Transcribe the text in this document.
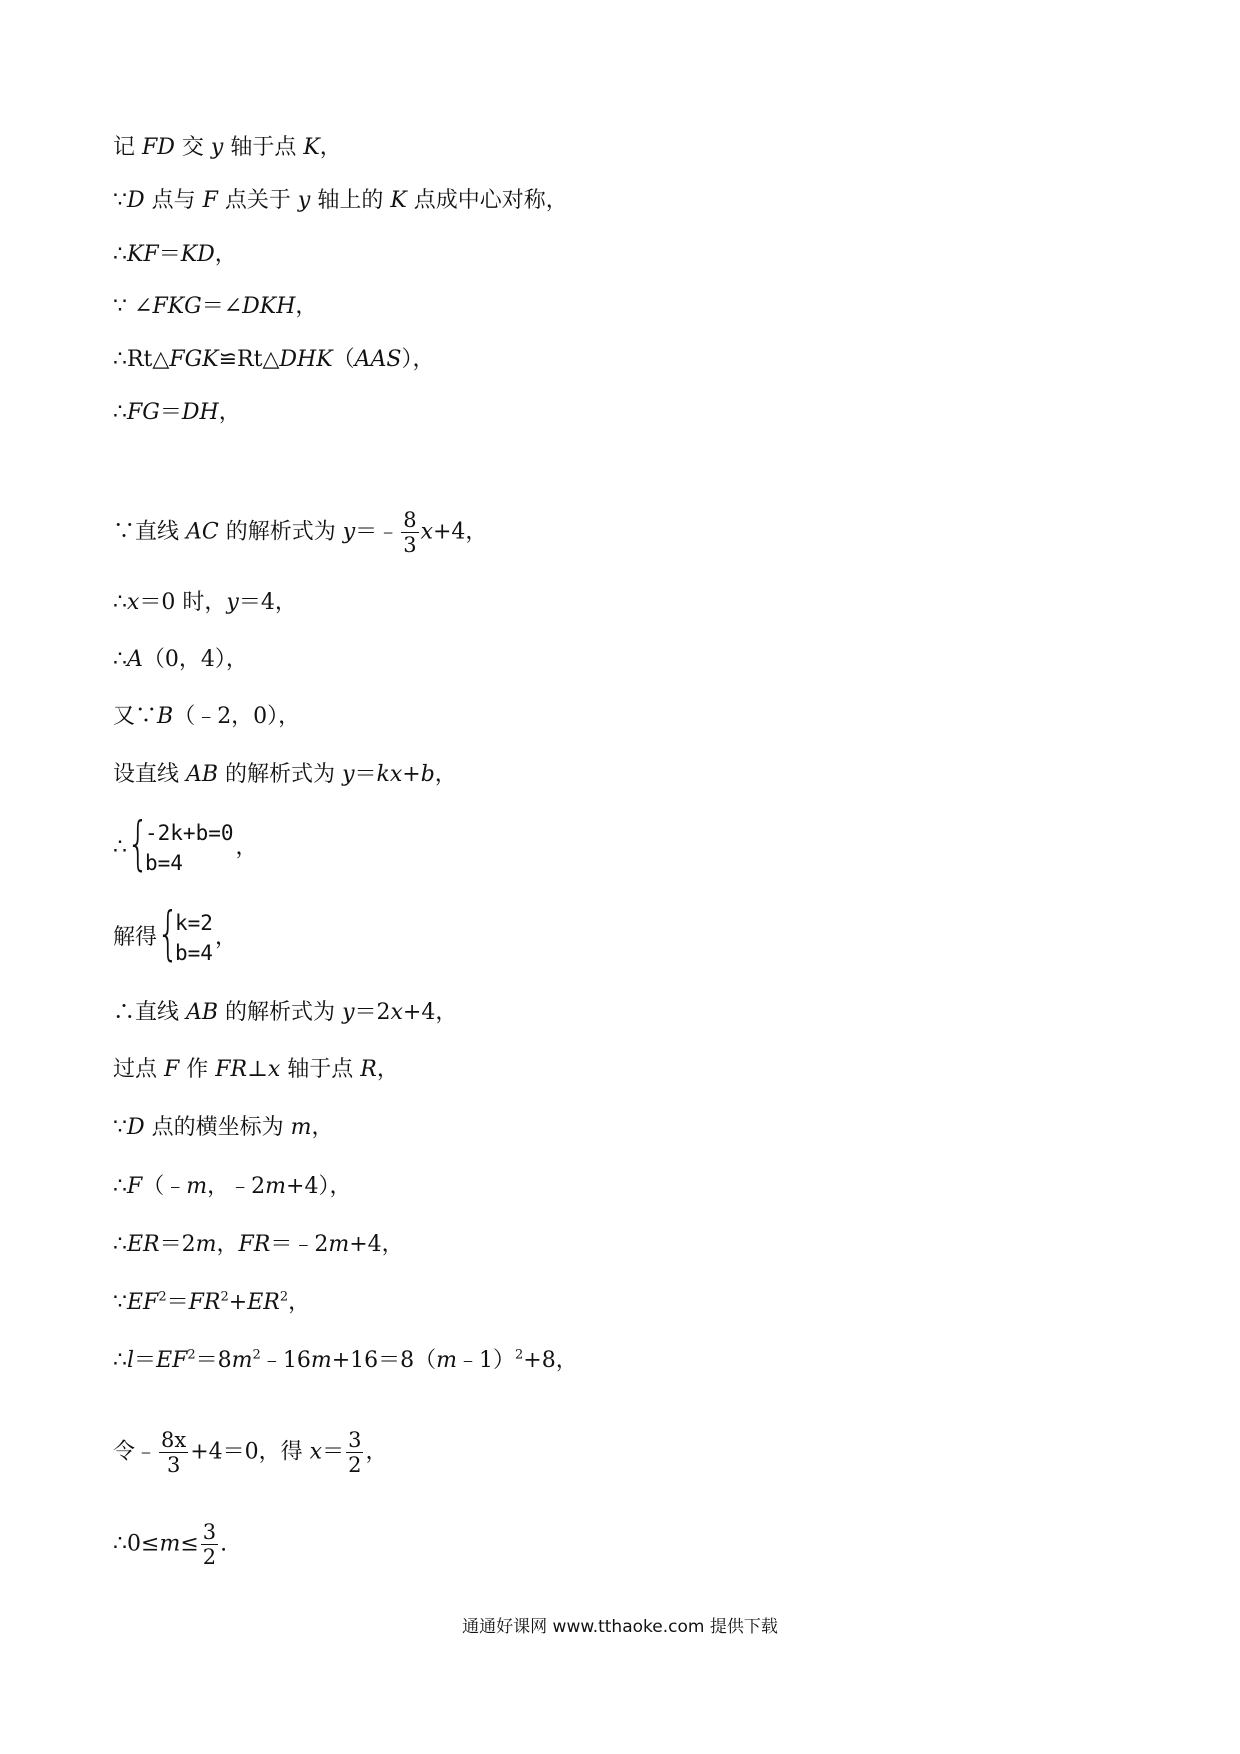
记 FD 交 y 轴于点 K，
∵D 点与 F 点关于 y 轴上的 K 点成中心对称，
∴KF＝KD，
∵ ∠FKG＝∠DKH，
∴Rt△FGK≌Rt△DHK（AAS），
∴FG＝DH，
∵直线 AC 的解析式为 y＝﹣ $\frac{8}{3} x+4$，
∴x＝0 时，y＝4，
∴A（0，4），
又∵B（﹣2，0），
设直线 AB 的解析式为 y＝kx+b，
∴ {
-2k+b=0
b=4
，
解得 {
k=2
b=4
，
∴直线 AB 的解析式为 y＝2x+4，
过点 F 作 FR⊥x 轴于点 R，
∵D 点的横坐标为 m，
∴F（﹣m，﹣2m+4），
∴ER＝2m，FR＝﹣2m+4，
$\because EF^2=FR^2+ER^2$，
$\therefore l=EF^2=8m^2﹣16m+16=8(m﹣1)^2+8$，
令﹣ $\frac{8x}{3} +4=0$，得 $x= \frac{3}{2}$ ，
∴0≤m≤ $\frac{3}{2}$ .
通通好课网 www.tthaoke.com 提供下载
